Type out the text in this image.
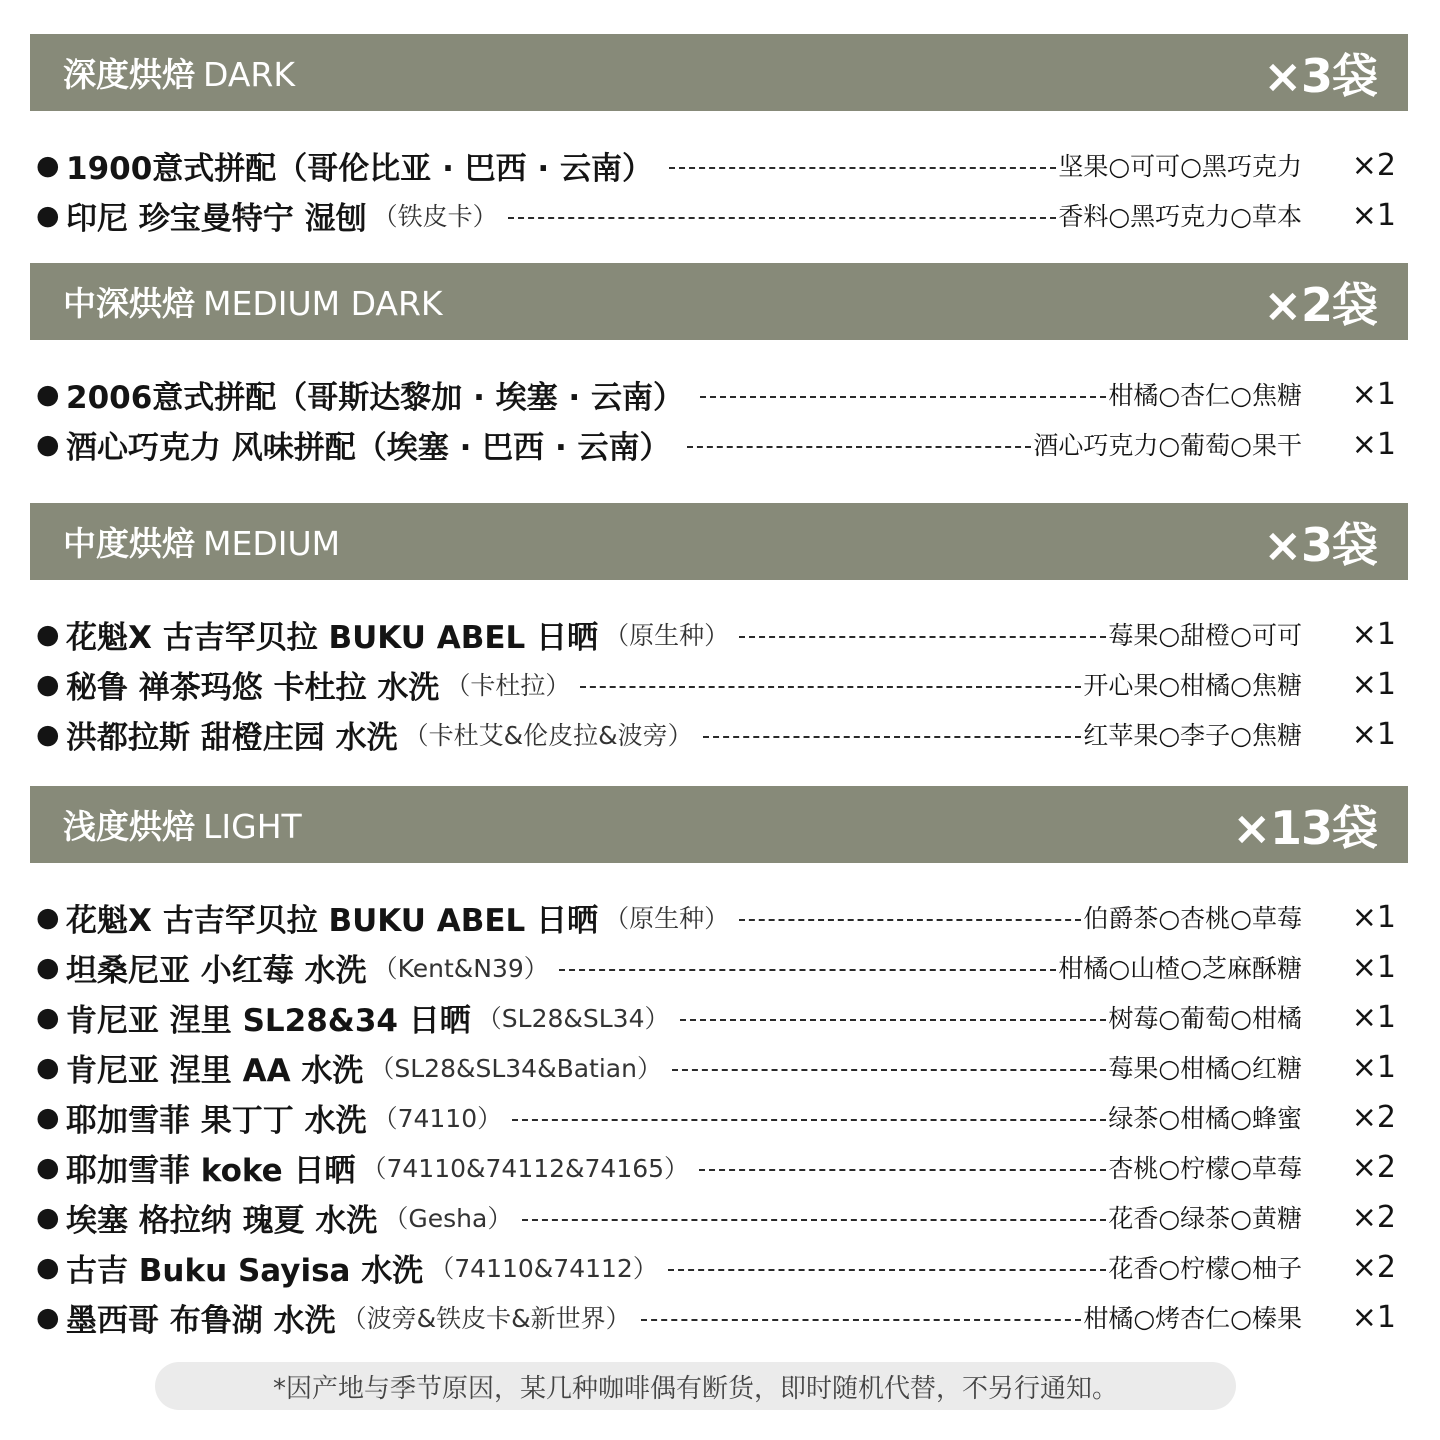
深度烘焙 DARK	×3袋
● 1900意式拼配（哥伦比亚 · 巴西 · 云南）	坚果○可可○黑巧克力	×2
● 印尼 珍宝曼特宁 湿刨 （铁皮卡）	香料○黑巧克力○草本	×1
中深烘焙 MEDIUM DARK	×2袋
● 2006意式拼配（哥斯达黎加 · 埃塞 · 云南）	柑橘○杏仁○焦糖	×1
● 酒心巧克力 风味拼配（埃塞 · 巴西 · 云南）	酒心巧克力○葡萄○果干	×1
中度烘焙 MEDIUM	×3袋
● 花魁X 古吉罕贝拉 BUKU ABEL 日晒 （原生种）	莓果○甜橙○可可	×1
● 秘鲁 禅茶玛悠 卡杜拉 水洗 （卡杜拉）	开心果○柑橘○焦糖	×1
● 洪都拉斯 甜橙庄园 水洗 （卡杜艾&伦皮拉&波旁）	红苹果○李子○焦糖	×1
浅度烘焙 LIGHT	×13袋
● 花魁X 古吉罕贝拉 BUKU ABEL 日晒 （原生种）	伯爵茶○杏桃○草莓	×1
● 坦桑尼亚 小红莓 水洗 （Kent&N39）	柑橘○山楂○芝麻酥糖	×1
● 肯尼亚 涅里 SL28&34 日晒 （SL28&SL34）	树莓○葡萄○柑橘	×1
● 肯尼亚 涅里 AA 水洗 （SL28&SL34&Batian）	莓果○柑橘○红糖	×1
● 耶加雪菲 果丁丁 水洗 （74110）	绿茶○柑橘○蜂蜜	×2
● 耶加雪菲 koke 日晒 （74110&74112&74165）	杏桃○柠檬○草莓	×2
● 埃塞 格拉纳 瑰夏 水洗 （Gesha）	花香○绿茶○黄糖	×2
● 古吉 Buku Sayisa 水洗 （74110&74112）	花香○柠檬○柚子	×2
● 墨西哥 布鲁湖 水洗 （波旁&铁皮卡&新世界）	柑橘○烤杏仁○榛果	×1
*因产地与季节原因，某几种咖啡偶有断货，即时随机代替，不另行通知。
